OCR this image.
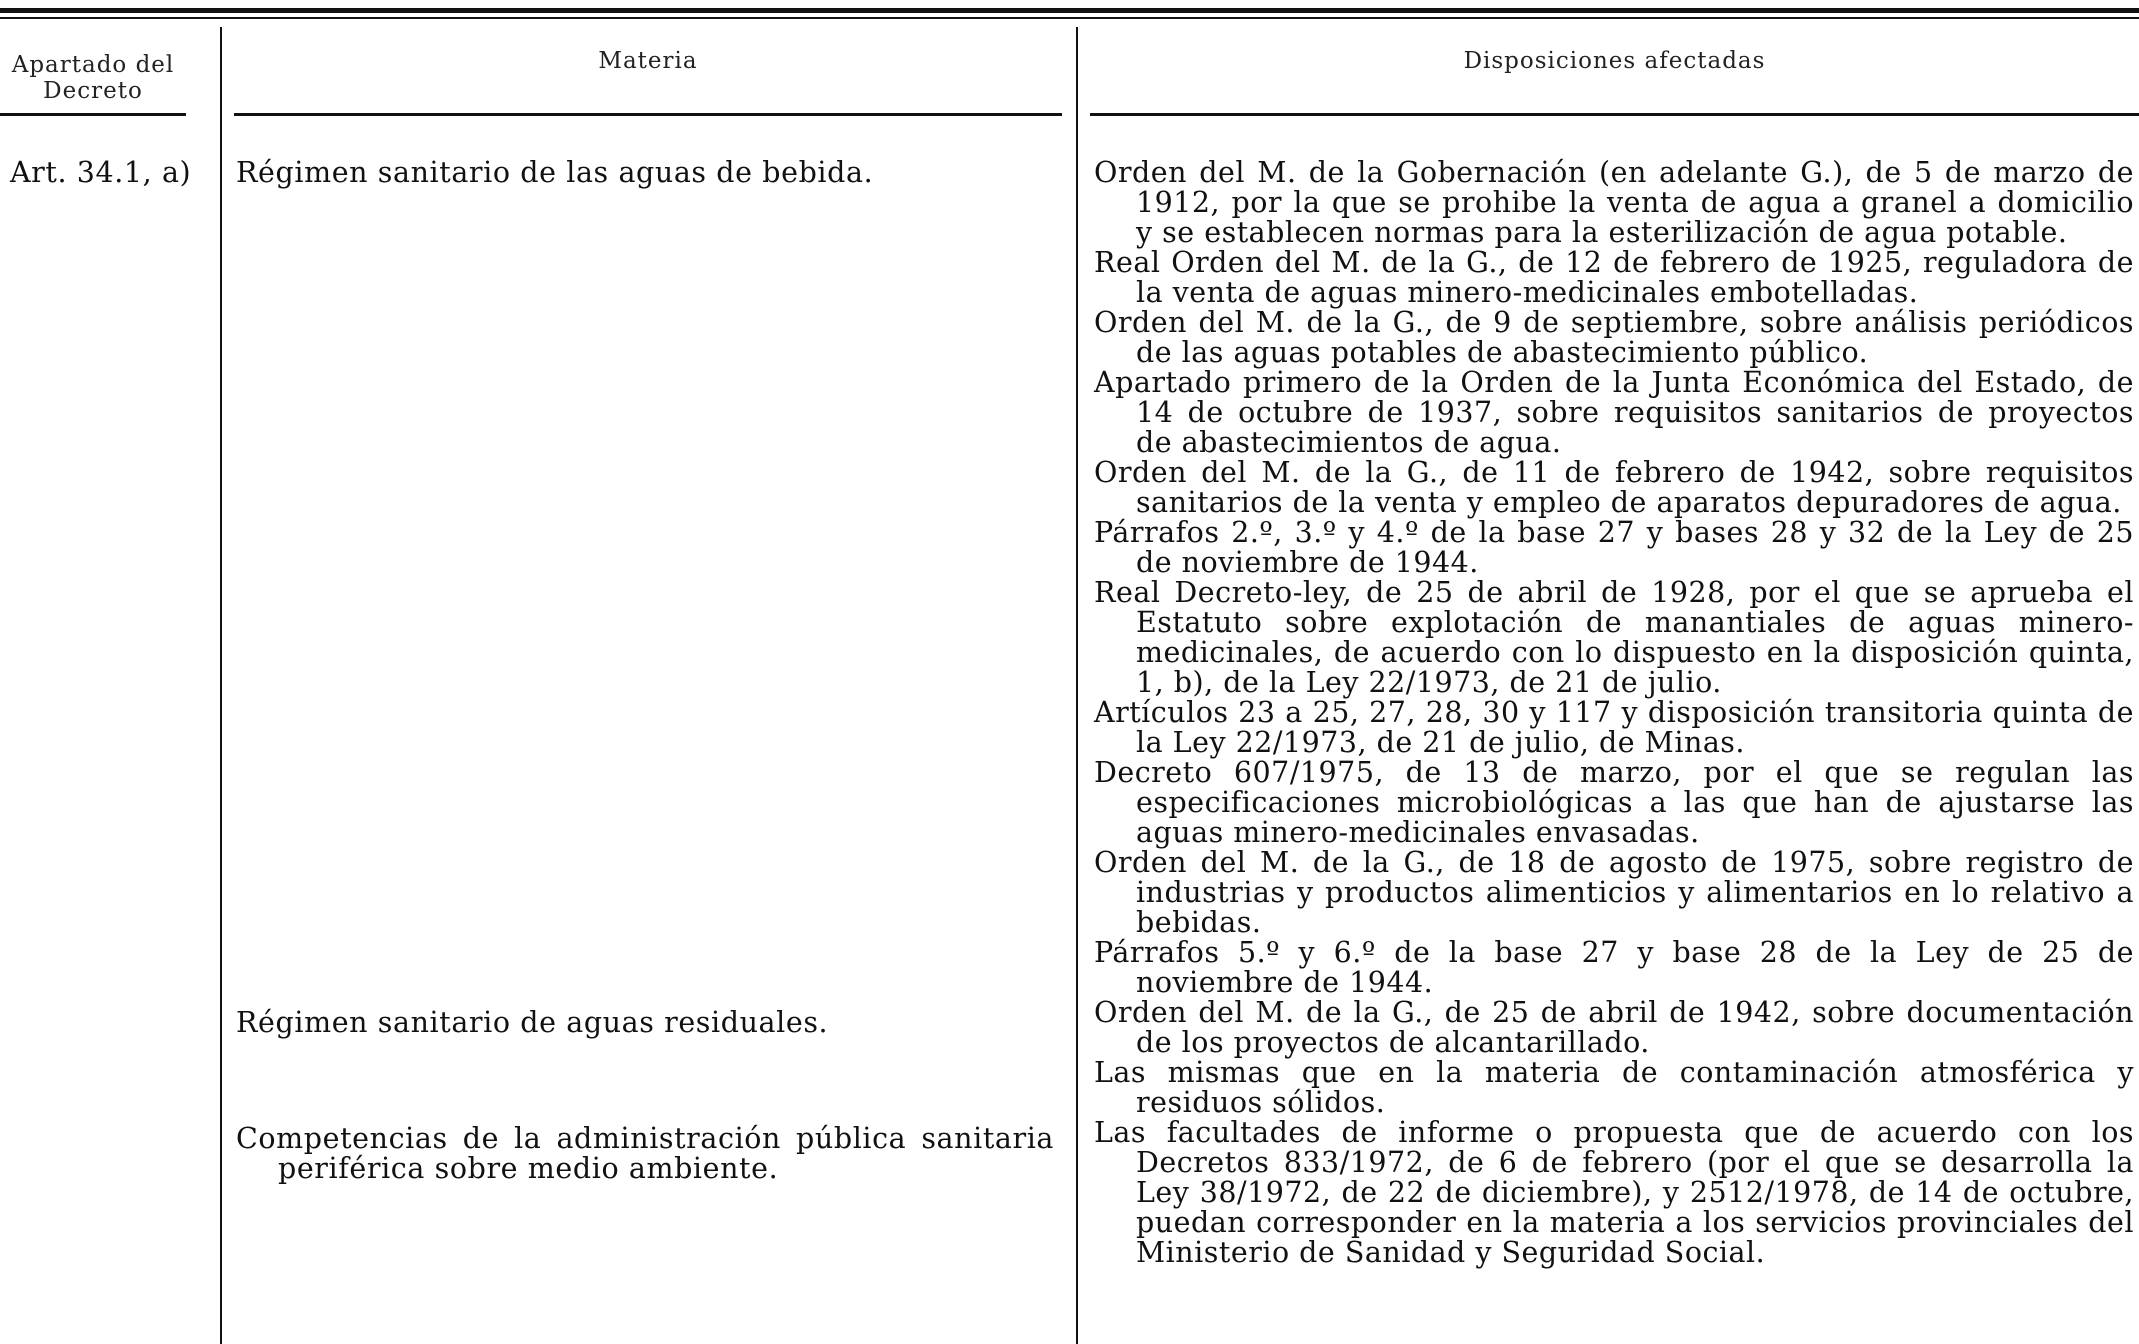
Apartado del Decreto
Materia	Disposiciones afectadas
Art. 34.1, a)	Régimen sanitario de las aguas de bebida.
Régimen sanitario de aguas residuales.
Competencias de la administración pública sanitaria periférica sobre medio ambiente.

Orden del M. de la Gobernación (en adelante G.), de 5 de marzo de 1912, por la que se prohibe la venta de agua a granel a domicilio y se establecen normas para la esterilización de agua potable.

Real Orden del M. de la G., de 12 de febrero de 1925, reguladora de la venta de aguas minero-medicinales embotelladas.

Orden del M. de la G., de 9 de septiembre, sobre análisis periódicos de las aguas potables de abastecimiento público.

Apartado primero de la Orden de la Junta Económica del Estado, de 14 de octubre de 1937, sobre requisitos sanitarios de proyectos de abastecimientos de agua.

Orden del M. de la G., de 11 de febrero de 1942, sobre requisitos sanitarios de la venta y empleo de aparatos depuradores de agua.

Párrafos 2.º, 3.º y 4.º de la base 27 y bases 28 y 32 de la Ley de 25 de noviembre de 1944.

Real Decreto-ley, de 25 de abril de 1928, por el que se aprueba el Estatuto sobre explotación de manantiales de aguas minero-medicinales, de acuerdo con lo dispuesto en la disposición quinta, 1, b), de la Ley 22/1973, de 21 de julio.

Artículos 23 a 25, 27, 28, 30 y 117 y disposición transitoria quinta de la Ley 22/1973, de 21 de julio, de Minas.

Decreto 607/1975, de 13 de marzo, por el que se regulan las especificaciones microbiológicas a las que han de ajustarse las aguas minero-medicinales envasadas.

Orden del M. de la G., de 18 de agosto de 1975, sobre registro de industrias y productos alimenticios y alimentarios en lo relativo a bebidas.

Párrafos 5.º y 6.º de la base 27 y base 28 de la Ley de 25 de noviembre de 1944.

Orden del M. de la G., de 25 de abril de 1942, sobre documentación de los proyectos de alcantarillado.

Las mismas que en la materia de contaminación atmosférica y residuos sólidos.

Las facultades de informe o propuesta que de acuerdo con los Decretos 833/1972, de 6 de febrero (por el que se desarrolla la Ley 38/1972, de 22 de diciembre), y 2512/1978, de 14 de octubre, puedan corresponder en la materia a los servicios provinciales del Ministerio de Sanidad y Seguridad Social.
